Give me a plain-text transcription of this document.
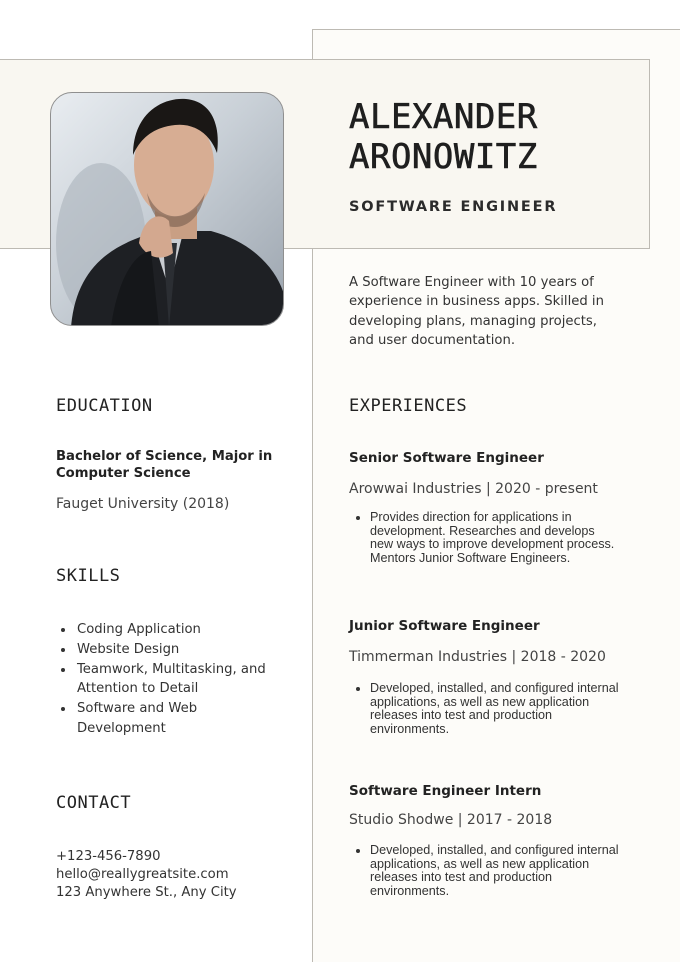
ALEXANDER
ARONOWITZ
SOFTWARE ENGINEER

A Software Engineer with 10 years of experience in business apps. Skilled in developing plans, managing projects, and user documentation.

EDUCATION

Bachelor of Science, Major in Computer Science

Fauget University (2018)

SKILLS
Coding Application
Website Design
Teamwork, Multitasking, and Attention to Detail
Software and Web Development
CONTACT
+123-456-7890
hello@reallygreatsite.com
123 Anywhere St., Any City
EXPERIENCES

Senior Software Engineer

Arowwai Industries | 2020 - present

Provides direction for applications in development. Researches and develops new ways to improve development process. Mentors Junior Software Engineers.

Junior Software Engineer

Timmerman Industries | 2018 - 2020

Developed, installed, and configured internal applications, as well as new application releases into test and production environments.

Software Engineer Intern

Studio Shodwe | 2017 - 2018

Developed, installed, and configured internal applications, as well as new application releases into test and production environments.
